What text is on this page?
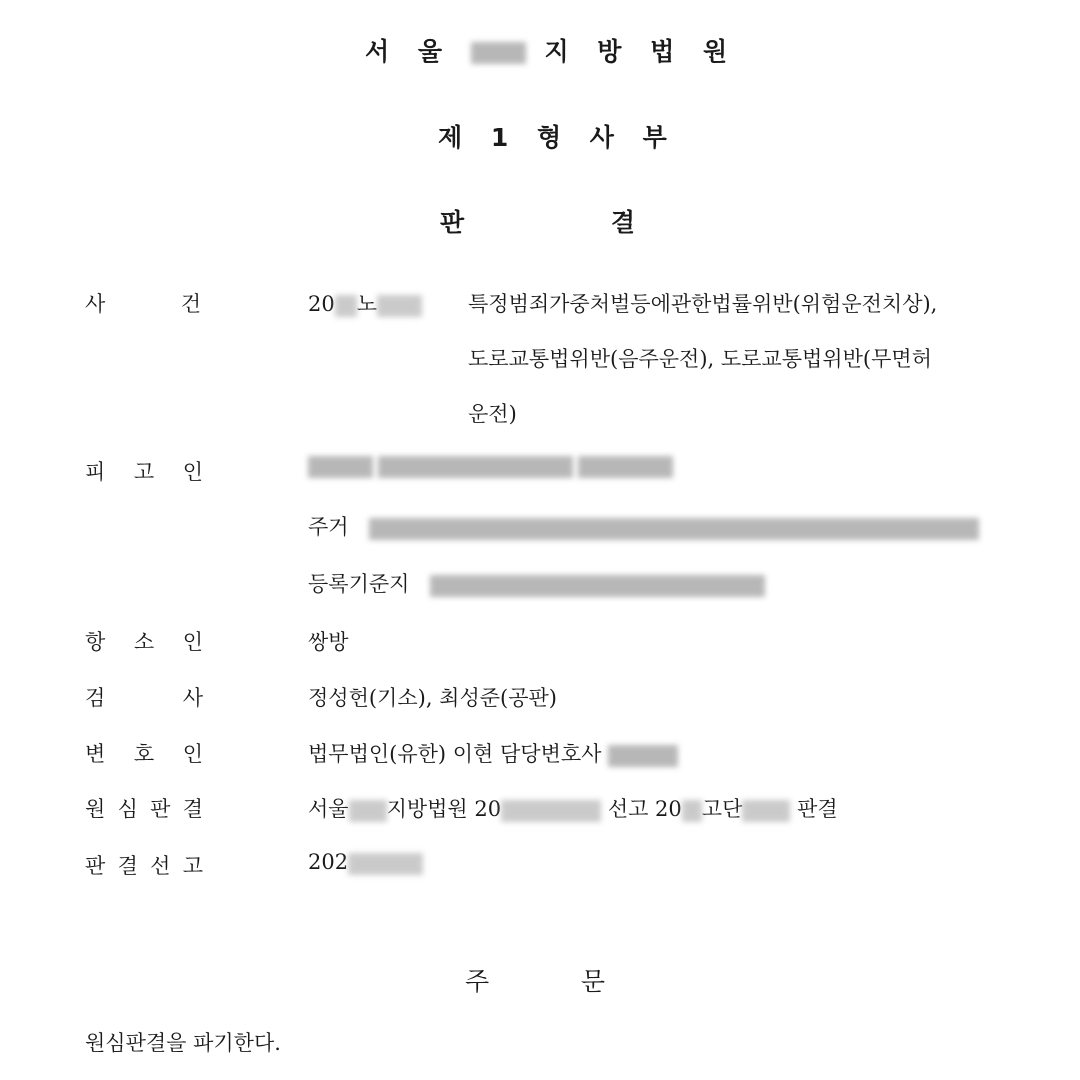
서 울	지 방 법 원
제 1 형 사 부
판	결
사	건	20 노	특정범죄가중처벌등에관한법률위반(위험운전치상),
도로교통법위반(음주운전), 도로교통법위반(무면허
운전)
피 고 인

주거
등록기준지
항 소 인	쌍방
검	사	정성헌(기소), 최성준(공판)
변 호 인	법무법인(유한) 이현 담당변호사
원 심 판 결	서울 지방법원 20	선고 20 고단	판결
판 결 선 고	202
주	문
원심판결을 파기한다.
